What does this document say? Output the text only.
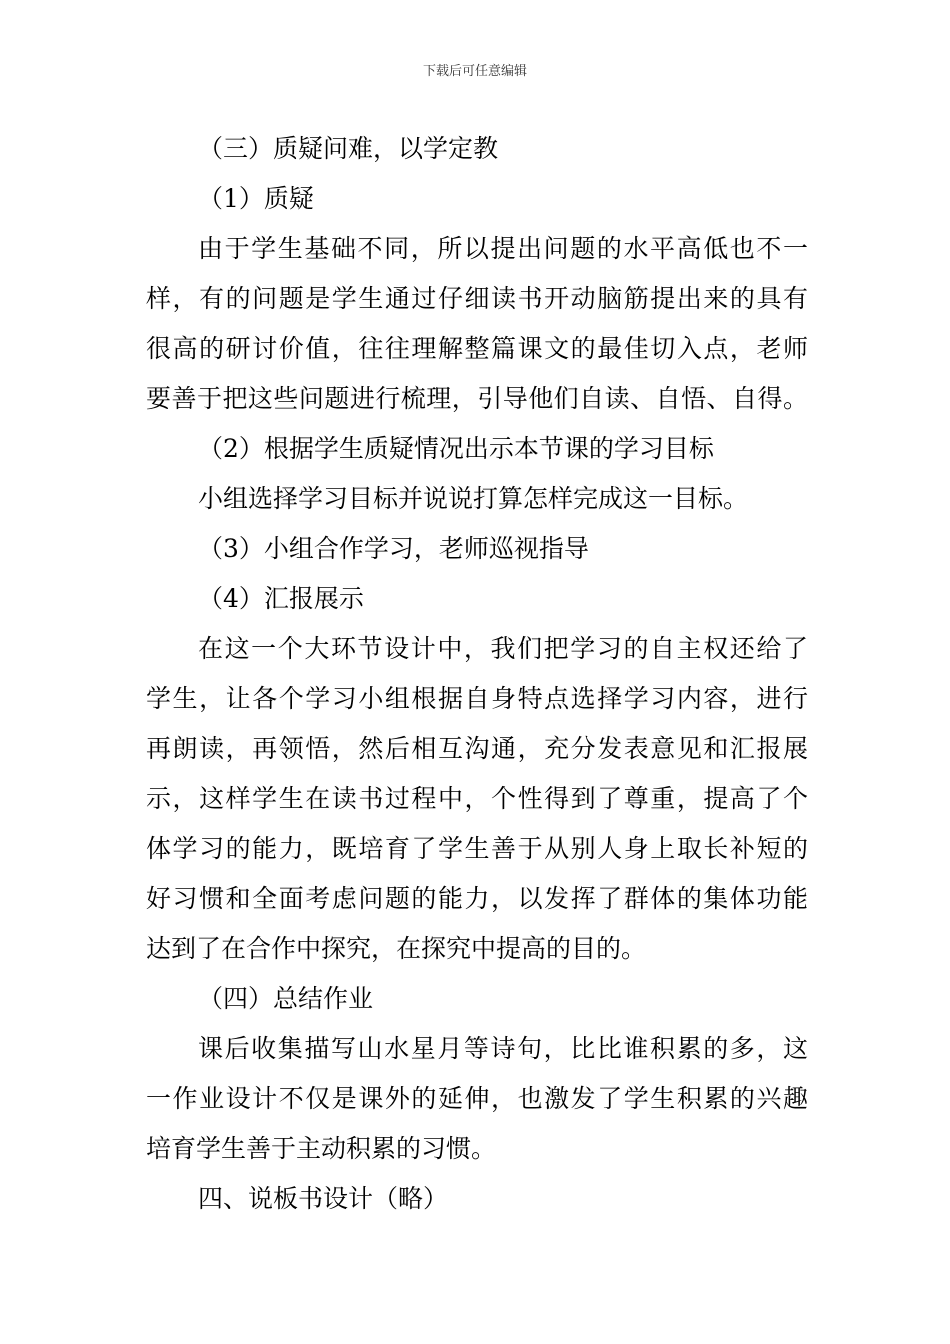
下载后可任意编辑
（三）质疑问难，以学定教
（1）质疑
由于学生基础不同，所以提出问题的水平高低也不一
样，有的问题是学生通过仔细读书开动脑筋提出来的具有
很高的研讨价值，往往理解整篇课文的最佳切入点，老师
要善于把这些问题进行梳理，引导他们自读、自悟、自得。
（2）根据学生质疑情况出示本节课的学习目标
小组选择学习目标并说说打算怎样完成这一目标。
（3）小组合作学习，老师巡视指导
（4）汇报展示
在这一个大环节设计中，我们把学习的自主权还给了
学生，让各个学习小组根据自身特点选择学习内容，进行
再朗读，再领悟，然后相互沟通，充分发表意见和汇报展
示，这样学生在读书过程中，个性得到了尊重，提高了个
体学习的能力，既培育了学生善于从别人身上取长补短的
好习惯和全面考虑问题的能力，以发挥了群体的集体功能
达到了在合作中探究，在探究中提高的目的。
（四）总结作业
课后收集描写山水星月等诗句，比比谁积累的多，这
一作业设计不仅是课外的延伸，也激发了学生积累的兴趣
培育学生善于主动积累的习惯。
四、说板书设计（略）
